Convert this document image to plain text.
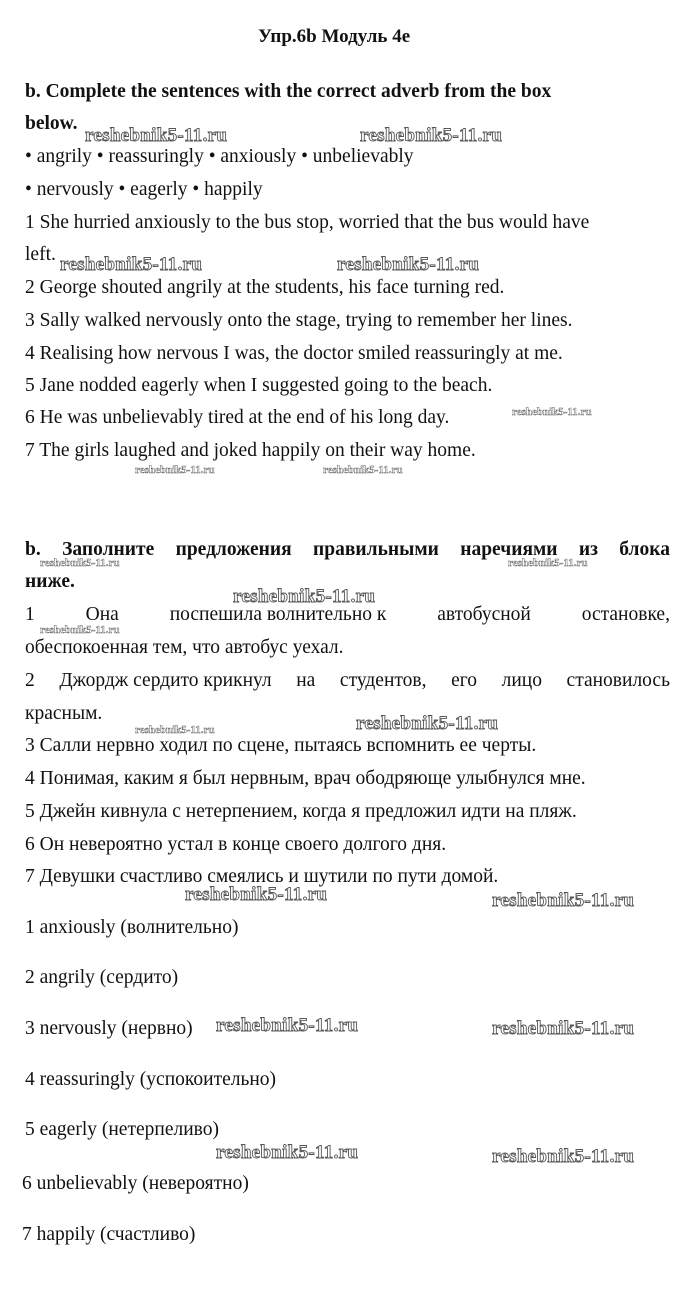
Упр.6b Модуль 4е
b. Complete the sentences with the correct adverb from the box
below.
• angrily • reassuringly • anxiously • unbelievably
• nervously • eagerly • happily
1 She hurried anxiously to the bus stop, worried that the bus would have
left.
2 George shouted angrily at the students, his face turning red.
3 Sally walked nervously onto the stage, trying to remember her lines.
4 Realising how nervous I was, the doctor smiled reassuringly at me.
5 Jane nodded eagerly when I suggested going to the beach.
6 He was unbelievably tired at the end of his long day.
7 The girls laughed and joked happily on their way home.
b. Заполните предложения правильными наречиями из блока
ниже.
1	Она	поспешила волнительно к	автобусной	остановке,
обеспокоенная тем, что автобус уехал.
2 Джордж сердито крикнул на студентов, его лицо становилось
красным.
3 Салли нервно ходил по сцене, пытаясь вспомнить ее черты.
4 Понимая, каким я был нервным, врач ободряюще улыбнулся мне.
5 Джейн кивнула с нетерпением, когда я предложил идти на пляж.
6 Он невероятно устал в конце своего долгого дня.
7 Девушки счастливо смеялись и шутили по пути домой.
1 anxiously (волнительно)
2 angrily (сердито)
3 nervously (нервно)
4 reassuringly (успокоительно)
5 eagerly (нетерпеливо)
6 unbelievably (невероятно)
7 happily (счастливо)
reshebnik5-11.ru	reshebnik5-11.ru
reshebnik5-11.ru	reshebnik5-11.ru
reshebnik5-11.ru
reshebnik5-11.ru
reshebnik5-11.ru	reshebnik5-11.ru
reshebnik5-11.ru	reshebnik5-11.ru
reshebnik5-11.ru	reshebnik5-11.ru
reshebnik5-11.ru
reshebnik5-11.ru	reshebnik5-11.ru
reshebnik5-11.ru	reshebnik5-11.ru
reshebnik5-11.ru
reshebnik5-11.ru
